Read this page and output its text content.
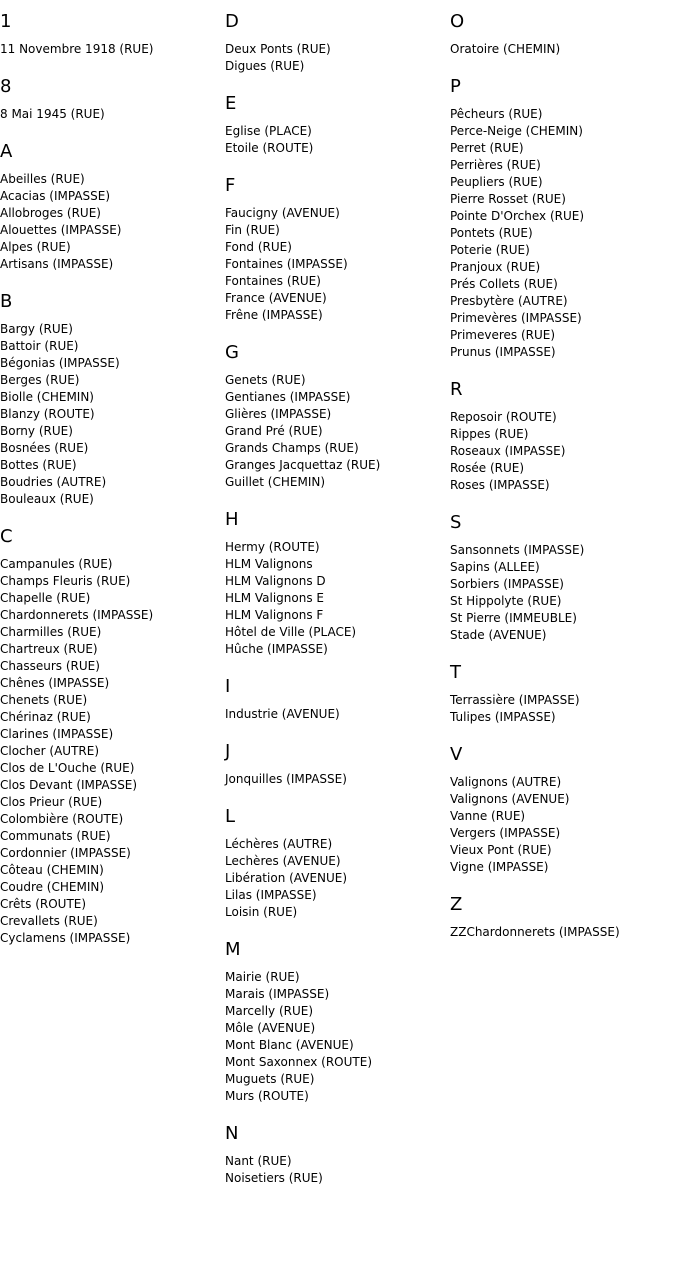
1
11 Novembre 1918 (RUE)
8
8 Mai 1945 (RUE)
A
Abeilles (RUE)
Acacias (IMPASSE)
Allobroges (RUE)
Alouettes (IMPASSE)
Alpes (RUE)
Artisans (IMPASSE)
B
Bargy (RUE)
Battoir (RUE)
Bégonias (IMPASSE)
Berges (RUE)
Biolle (CHEMIN)
Blanzy (ROUTE)
Borny (RUE)
Bosnées (RUE)
Bottes (RUE)
Boudries (AUTRE)
Bouleaux (RUE)
C
Campanules (RUE)
Champs Fleuris (RUE)
Chapelle (RUE)
Chardonnerets (IMPASSE)
Charmilles (RUE)
Chartreux (RUE)
Chasseurs (RUE)
Chênes (IMPASSE)
Chenets (RUE)
Chérinaz (RUE)
Clarines (IMPASSE)
Clocher (AUTRE)
Clos de L'Ouche (RUE)
Clos Devant (IMPASSE)
Clos Prieur (RUE)
Colombière (ROUTE)
Communats (RUE)
Cordonnier (IMPASSE)
Côteau (CHEMIN)
Coudre (CHEMIN)
Crêts (ROUTE)
Crevallets (RUE)
Cyclamens (IMPASSE)
D
Deux Ponts (RUE)
Digues (RUE)
E
Eglise (PLACE)
Etoile (ROUTE)
F
Faucigny (AVENUE)
Fin (RUE)
Fond (RUE)
Fontaines (IMPASSE)
Fontaines (RUE)
France (AVENUE)
Frêne (IMPASSE)
G
Genets (RUE)
Gentianes (IMPASSE)
Glières (IMPASSE)
Grand Pré (RUE)
Grands Champs (RUE)
Granges Jacquettaz (RUE)
Guillet (CHEMIN)
H
Hermy (ROUTE)
HLM Valignons
HLM Valignons D
HLM Valignons E
HLM Valignons F
Hôtel de Ville (PLACE)
Hûche (IMPASSE)
I
Industrie (AVENUE)
J
Jonquilles (IMPASSE)
L
Léchères (AUTRE)
Lechères (AVENUE)
Libération (AVENUE)
Lilas (IMPASSE)
Loisin (RUE)
M
Mairie (RUE)
Marais (IMPASSE)
Marcelly (RUE)
Môle (AVENUE)
Mont Blanc (AVENUE)
Mont Saxonnex (ROUTE)
Muguets (RUE)
Murs (ROUTE)
N
Nant (RUE)
Noisetiers (RUE)
O
Oratoire (CHEMIN)
P
Pêcheurs (RUE)
Perce-Neige (CHEMIN)
Perret (RUE)
Perrières (RUE)
Peupliers (RUE)
Pierre Rosset (RUE)
Pointe D'Orchex (RUE)
Pontets (RUE)
Poterie (RUE)
Pranjoux (RUE)
Prés Collets (RUE)
Presbytère (AUTRE)
Primevères (IMPASSE)
Primeveres (RUE)
Prunus (IMPASSE)
R
Reposoir (ROUTE)
Rippes (RUE)
Roseaux (IMPASSE)
Rosée (RUE)
Roses (IMPASSE)
S
Sansonnets (IMPASSE)
Sapins (ALLEE)
Sorbiers (IMPASSE)
St Hippolyte (RUE)
St Pierre (IMMEUBLE)
Stade (AVENUE)
T
Terrassière (IMPASSE)
Tulipes (IMPASSE)
V
Valignons (AUTRE)
Valignons (AVENUE)
Vanne (RUE)
Vergers (IMPASSE)
Vieux Pont (RUE)
Vigne (IMPASSE)
Z
ZZChardonnerets (IMPASSE)
